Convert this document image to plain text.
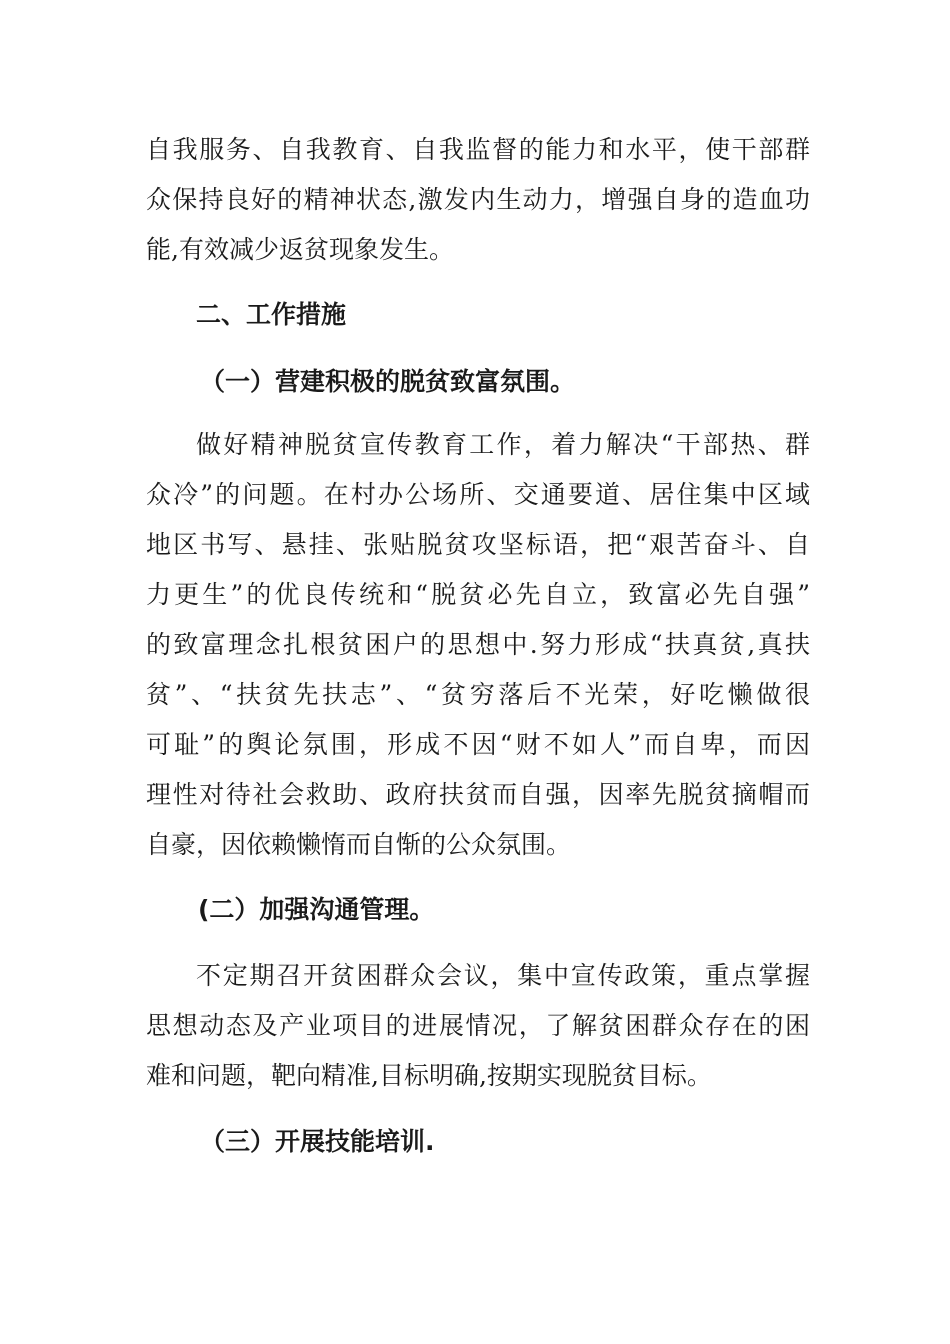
自我服务、自我教育、自我监督的能力和水平，使干部群
众保持良好的精神状态,激发内生动力，增强自身的造血功
能,有效减少返贫现象发生。
二、工作措施
（一）营建积极的脱贫致富氛围。
做好精神脱贫宣传教育工作，着力解决“干部热、群
众冷”的问题。在村办公场所、交通要道、居住集中区域
地区书写、悬挂、张贴脱贫攻坚标语，把“艰苦奋斗、自
力更生”的优良传统和“脱贫必先自立，致富必先自强”
的致富理念扎根贫困户的思想中.努力形成“扶真贫,真扶
贫”、“扶贫先扶志”、“贫穷落后不光荣，好吃懒做很
可耻”的舆论氛围，形成不因“财不如人”而自卑，而因
理性对待社会救助、政府扶贫而自强，因率先脱贫摘帽而
自豪，因依赖懒惰而自惭的公众氛围。
(二）加强沟通管理。
不定期召开贫困群众会议，集中宣传政策，重点掌握
思想动态及产业项目的进展情况，了解贫困群众存在的困
难和问题，靶向精准,目标明确,按期实现脱贫目标。
（三）开展技能培训.
